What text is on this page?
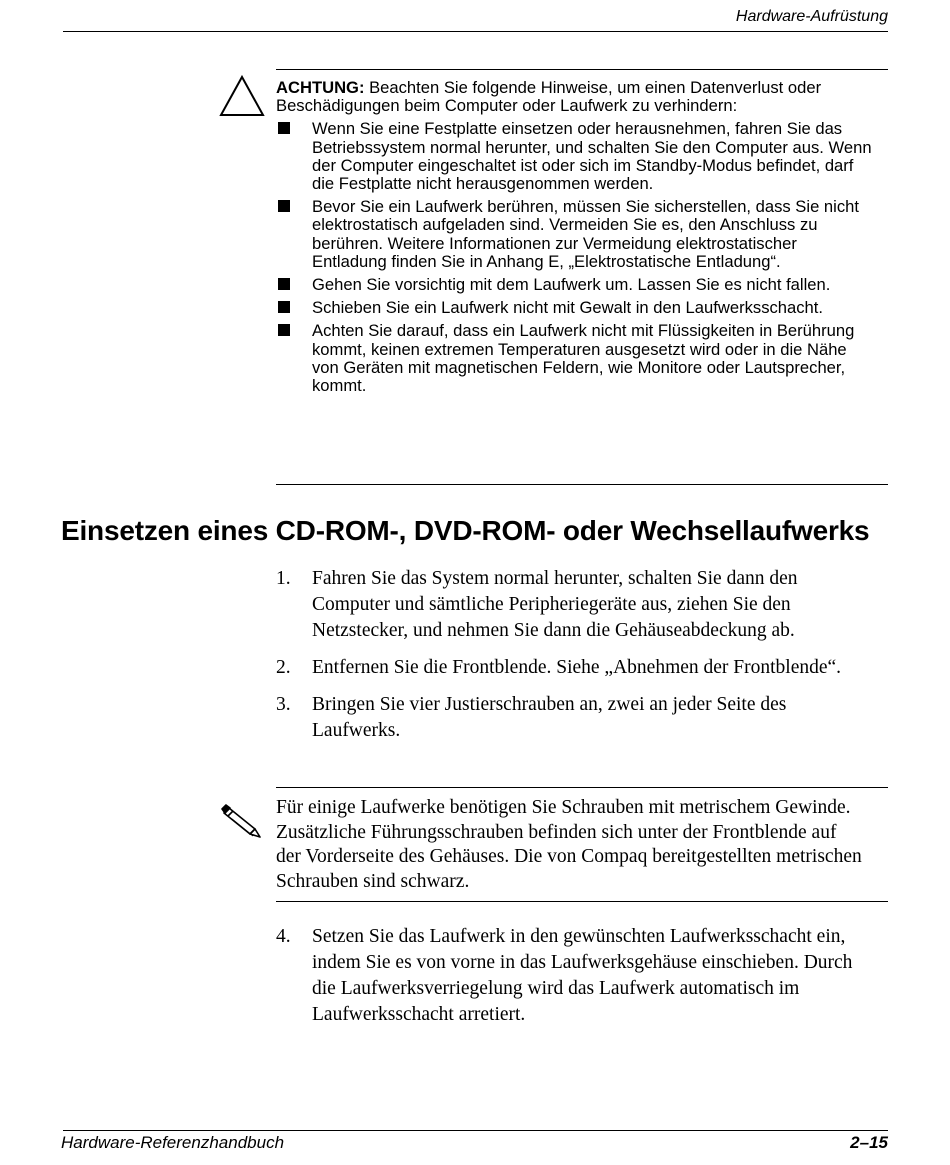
Hardware-Aufrüstung
ACHTUNG: Beachten Sie folgende Hinweise, um einen Datenverlust oder Beschädigungen beim Computer oder Laufwerk zu verhindern:
Wenn Sie eine Festplatte einsetzen oder herausnehmen, fahren Sie das Betriebssystem normal herunter, und schalten Sie den Computer aus. Wenn der Computer eingeschaltet ist oder sich im Standby-Modus befindet, darf die Festplatte nicht herausgenommen werden.
Bevor Sie ein Laufwerk berühren, müssen Sie sicherstellen, dass Sie nicht elektrostatisch aufgeladen sind. Vermeiden Sie es, den Anschluss zu berühren. Weitere Informationen zur Vermeidung elektrostatischer Entladung finden Sie in Anhang E, „Elektrostatische Entladung“.
Gehen Sie vorsichtig mit dem Laufwerk um. Lassen Sie es nicht fallen.
Schieben Sie ein Laufwerk nicht mit Gewalt in den Laufwerksschacht.
Achten Sie darauf, dass ein Laufwerk nicht mit Flüssigkeiten in Berührung kommt, keinen extremen Temperaturen ausgesetzt wird oder in die Nähe von Geräten mit magnetischen Feldern, wie Monitore oder Lautsprecher, kommt.
Einsetzen eines CD-ROM-, DVD-ROM- oder Wechsellaufwerks
1. Fahren Sie das System normal herunter, schalten Sie dann den Computer und sämtliche Peripheriegeräte aus, ziehen Sie den Netzstecker, und nehmen Sie dann die Gehäuseabdeckung ab.
2. Entfernen Sie die Frontblende. Siehe „Abnehmen der Frontblende“.
3. Bringen Sie vier Justierschrauben an, zwei an jeder Seite des Laufwerks.
Für einige Laufwerke benötigen Sie Schrauben mit metrischem Gewinde. Zusätzliche Führungsschrauben befinden sich unter der Frontblende auf der Vorderseite des Gehäuses. Die von Compaq bereitgestellten metrischen Schrauben sind schwarz.
4. Setzen Sie das Laufwerk in den gewünschten Laufwerksschacht ein, indem Sie es von vorne in das Laufwerksgehäuse einschieben. Durch die Laufwerksverriegelung wird das Laufwerk automatisch im Laufwerksschacht arretiert.
Hardware-Referenzhandbuch	2–15
